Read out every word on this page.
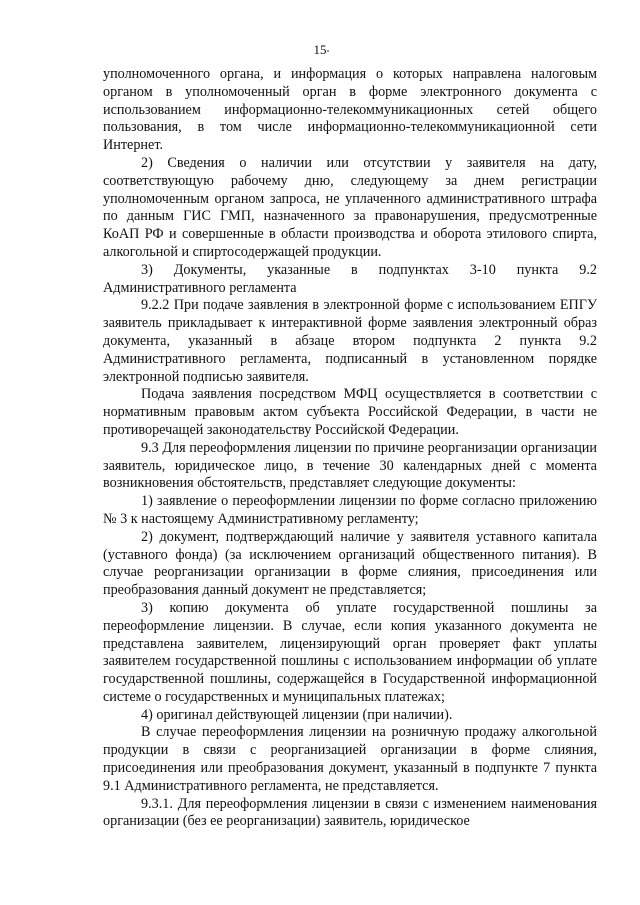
15

уполномоченного органа, и информация о которых направлена налоговым органом в уполномоченный орган в форме электронного документа с использованием информационно-телекоммуникационных сетей общего пользования, в том числе информационно-телекоммуникационной сети Интернет.

2) Сведения о наличии или отсутствии у заявителя на дату, соответствующую рабочему дню, следующему за днем регистрации уполномоченным органом запроса, не уплаченного административного штрафа по данным ГИС ГМП, назначенного за правонарушения, предусмотренные КоАП РФ и совершенные в области производства и оборота этилового спирта, алкогольной и спиртосодержащей продукции.

3) Документы, указанные в подпунктах 3-10 пункта 9.2 Административного регламента

9.2.2 При подаче заявления в электронной форме с использованием ЕПГУ заявитель прикладывает к интерактивной форме заявления электронный образ документа, указанный в абзаце втором подпункта 2 пункта 9.2 Административного регламента, подписанный в установленном порядке электронной подписью заявителя.

Подача заявления посредством МФЦ осуществляется в соответствии с нормативным правовым актом субъекта Российской Федерации, в части не противоречащей законодательству Российской Федерации.

9.3 Для переоформления лицензии по причине реорганизации организации заявитель, юридическое лицо, в течение 30 календарных дней с момента возникновения обстоятельств, представляет следующие документы:

1) заявление о переоформлении лицензии по форме согласно приложению № 3 к настоящему Административному регламенту;

2) документ, подтверждающий наличие у заявителя уставного капитала (уставного фонда) (за исключением организаций общественного питания). В случае реорганизации организации в форме слияния, присоединения или преобразования данный документ не представляется;

3) копию документа об уплате государственной пошлины за переоформление лицензии. В случае, если копия указанного документа не представлена заявителем, лицензирующий орган проверяет факт уплаты заявителем государственной пошлины с использованием информации об уплате государственной пошлины, содержащейся в Государственной информационной системе о государственных и муниципальных платежах;

4) оригинал действующей лицензии (при наличии).

В случае переоформления лицензии на розничную продажу алкогольной продукции в связи с реорганизацией организации в форме слияния, присоединения или преобразования документ, указанный в подпункте 7 пункта 9.1 Административного регламента, не представляется.

9.3.1. Для переоформления лицензии в связи с изменением наименования организации (без ее реорганизации) заявитель, юридическое
